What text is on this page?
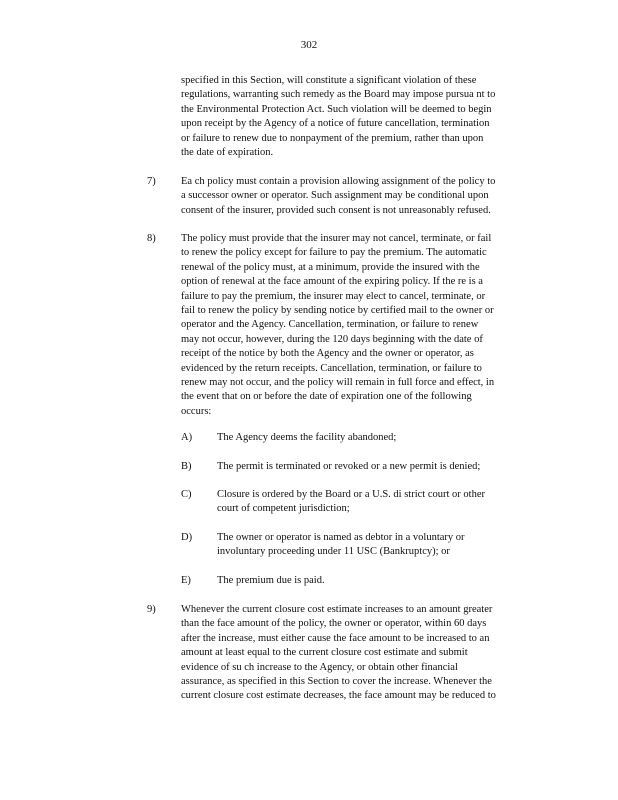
302
specified in this Section, will constitute a significant violation of these
regulations, warranting such remedy as the Board may impose pursua nt to
the Environmental Protection Act. Such violation will be deemed to begin
upon receipt by the Agency of a notice of future cancellation, termination
or failure to renew due to nonpayment of the premium, rather than upon
the date of expiration.
7) Ea ch policy must contain a provision allowing assignment of the policy to
a successor owner or operator. Such assignment may be conditional upon
consent of the insurer, provided such consent is not unreasonably refused.
8) The policy must provide that the insurer may not cancel, terminate, or fail
to renew the policy except for failure to pay the premium. The automatic
renewal of the policy must, at a minimum, provide the insured with the
option of renewal at the face amount of the expiring policy. If the re is a
failure to pay the premium, the insurer may elect to cancel, terminate, or
fail to renew the policy by sending notice by certified mail to the owner or
operator and the Agency. Cancellation, termination, or failure to renew
may not occur, however, during the 120 days beginning with the date of
receipt of the notice by both the Agency and the owner or operator, as
evidenced by the return receipts. Cancellation, termination, or failure to
renew may not occur, and the policy will remain in full force and effect, in
the event that on or before the date of expiration one of the following
occurs:
A) The Agency deems the facility abandoned;
B) The permit is terminated or revoked or a new permit is denied;
C) Closure is ordered by the Board or a U.S. di strict court or other
court of competent jurisdiction;
D) The owner or operator is named as debtor in a voluntary or
involuntary proceeding under 11 USC (Bankruptcy); or
E) The premium due is paid.
9) Whenever the current closure cost estimate increases to an amount greater
than the face amount of the policy, the owner or operator, within 60 days
after the increase, must either cause the face amount to be increased to an
amount at least equal to the current closure cost estimate and submit
evidence of su ch increase to the Agency, or obtain other financial
assurance, as specified in this Section to cover the increase. Whenever the
current closure cost estimate decreases, the face amount may be reduced to
